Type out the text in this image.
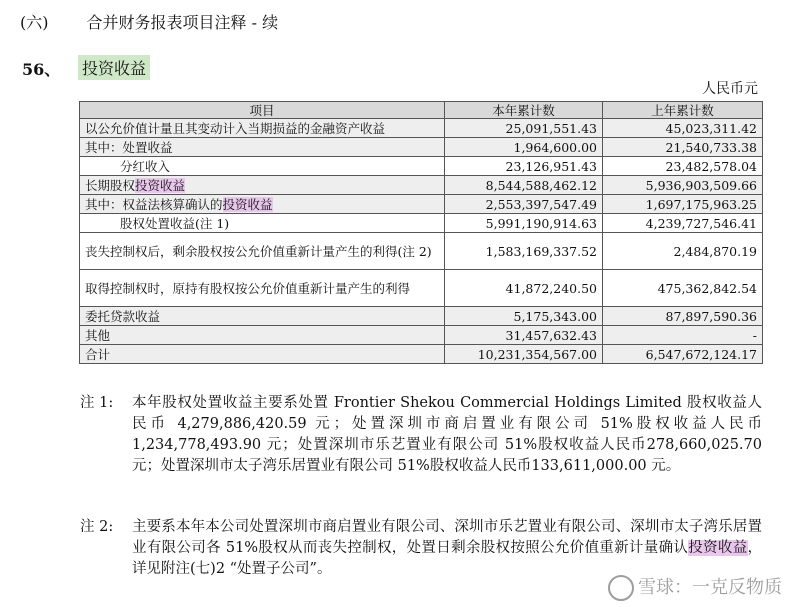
(六) 合并财务报表项目注释 - 续
56、 投资收益
人民币元
项目	本年累计数	上年累计数
以公允价值计量且其变动计入当期损益的金融资产收益	25,091,551.43	45,023,311.42
其中：处置收益	1,964,600.00	21,540,733.38
分红收入	23,126,951.43	23,482,578.04
长期股权投资收益	8,544,588,462.12	5,936,903,509.66
其中：权益法核算确认的投资收益	2,553,397,547.49	1,697,175,963.25
股权处置收益(注 1)	5,991,190,914.63	4,239,727,546.41
丧失控制权后，剩余股权按公允价值重新计量产生的利得(注 2)	1,583,169,337.52	2,484,870.19
取得控制权时，原持有股权按公允价值重新计量产生的利得	41,872,240.50	475,362,842.54
委托贷款收益	5,175,343.00	87,897,590.36
其他	31,457,632.43	-
合计	10,231,354,567.00	6,547,672,124.17
注 1: 本年股权处置收益主要系处置 Frontier Shekou Commercial Holdings Limited 股权收益人民币 4,279,886,420.59 元；处置深圳市商启置业有限公司 51%股权收益人民币1,234,778,493.90 元；处置深圳市乐艺置业有限公司 51%股权收益人民币278,660,025.70 元；处置深圳市太子湾乐居置业有限公司 51%股权收益人民币133,611,000.00 元。
注 2: 主要系本年本公司处置深圳市商启置业有限公司、深圳市乐艺置业有限公司、深圳市太子湾乐居置业有限公司各 51%股权从而丧失控制权，处置日剩余股权按照公允价值重新计量确认投资收益，详见附注(七)2 “处置子公司”。
雪球：一克反物质
